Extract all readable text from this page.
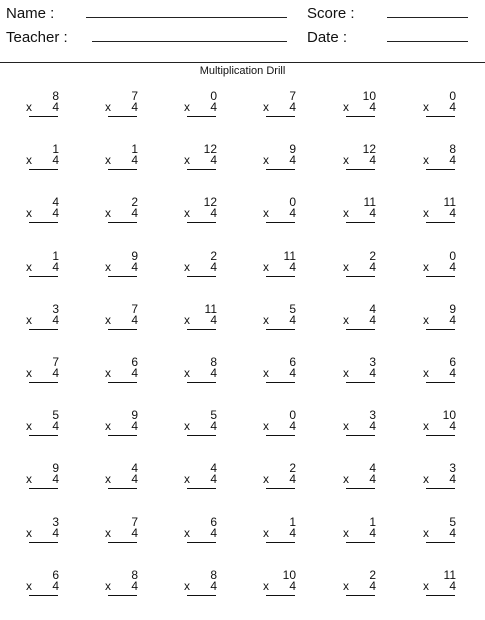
Name :
Teacher :
Score :
Date :
Multiplication Drill
8
x 4
7
x 4
0
x 4
7
x 4
10
x 4
0
x 4
1
x 4
1
x 4
12
x 4
9
x 4
12
x 4
8
x 4
4
x 4
2
x 4
12
x 4
0
x 4
11
x 4
11
x 4
1
x 4
9
x 4
2
x 4
11
x 4
2
x 4
0
x 4
3
x 4
7
x 4
11
x 4
5
x 4
4
x 4
9
x 4
7
x 4
6
x 4
8
x 4
6
x 4
3
x 4
6
x 4
5
x 4
9
x 4
5
x 4
0
x 4
3
x 4
10
x 4
9
x 4
4
x 4
4
x 4
2
x 4
4
x 4
3
x 4
3
x 4
7
x 4
6
x 4
1
x 4
1
x 4
5
x 4
6
x 4
8
x 4
8
x 4
10
x 4
2
x 4
11
x 4
